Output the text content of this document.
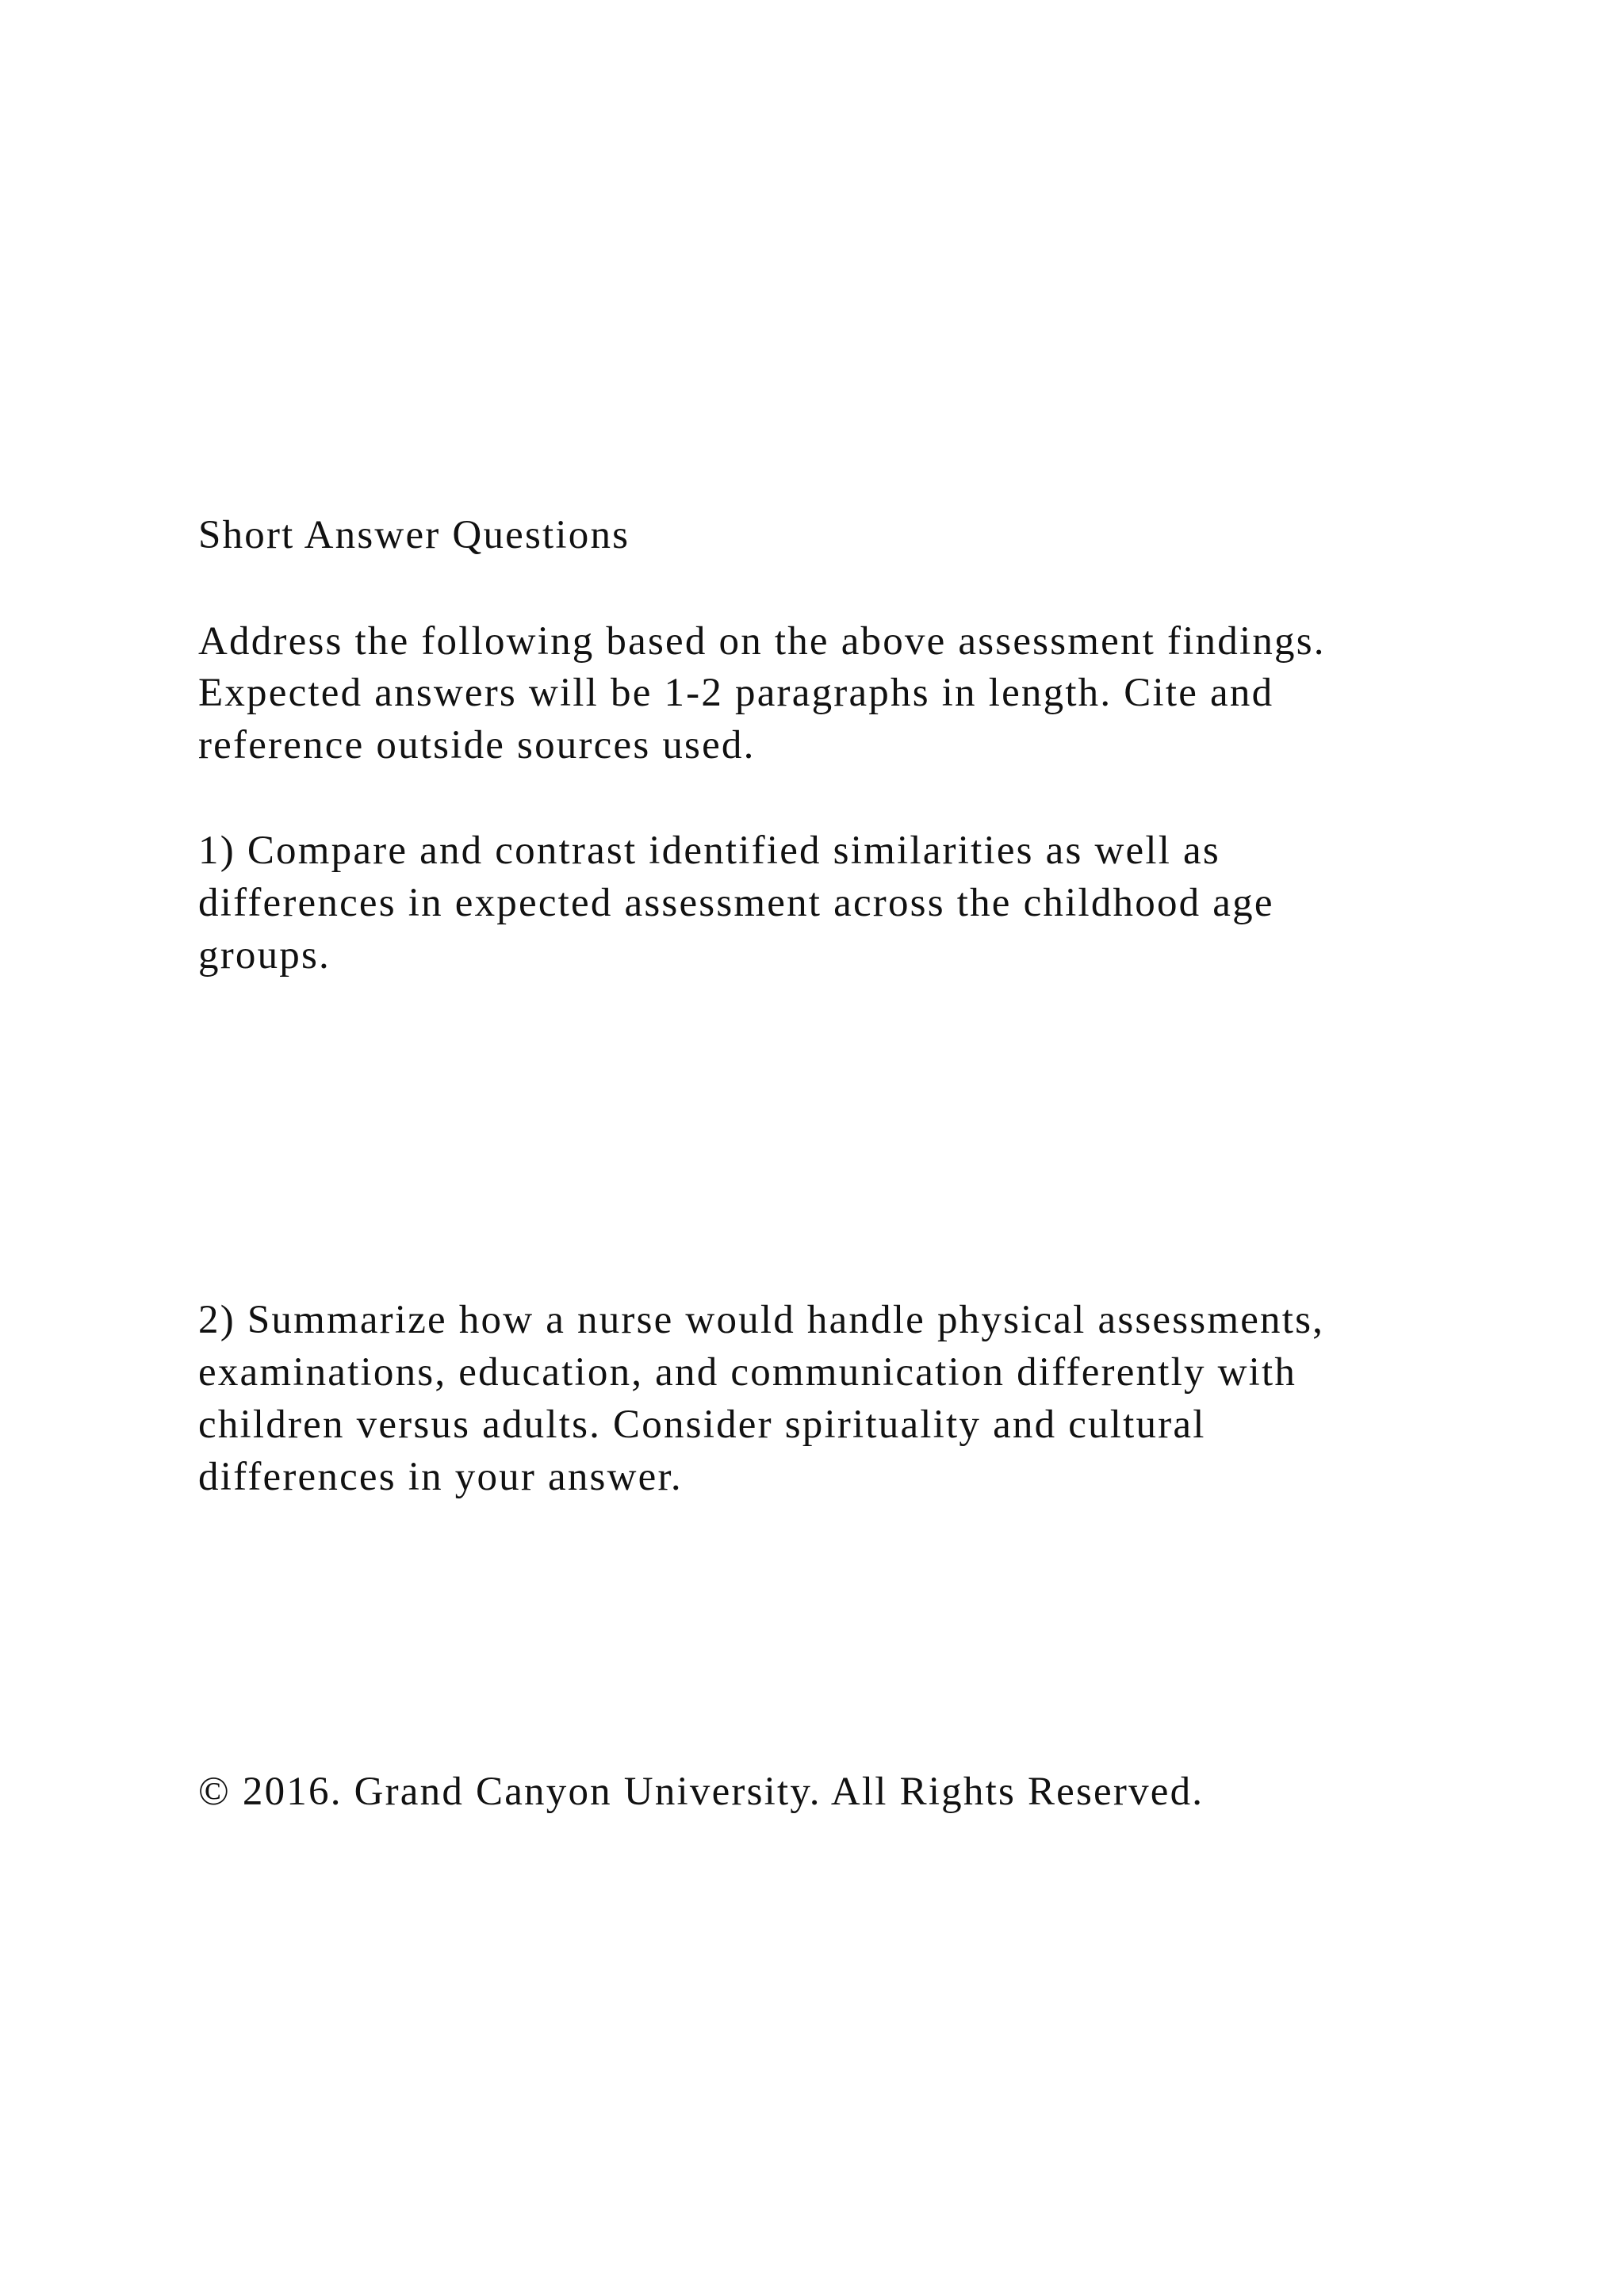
Short Answer Questions
Address the following based on the above assessment findings.
Expected answers will be 1-2 paragraphs in length. Cite and
reference outside sources used.
1) Compare and contrast identified similarities as well as
differences in expected assessment across the childhood age
groups.
2) Summarize how a nurse would handle physical assessments,
examinations, education, and communication differently with
children versus adults. Consider spirituality and cultural
differences in your answer.
© 2016. Grand Canyon University. All Rights Reserved.
